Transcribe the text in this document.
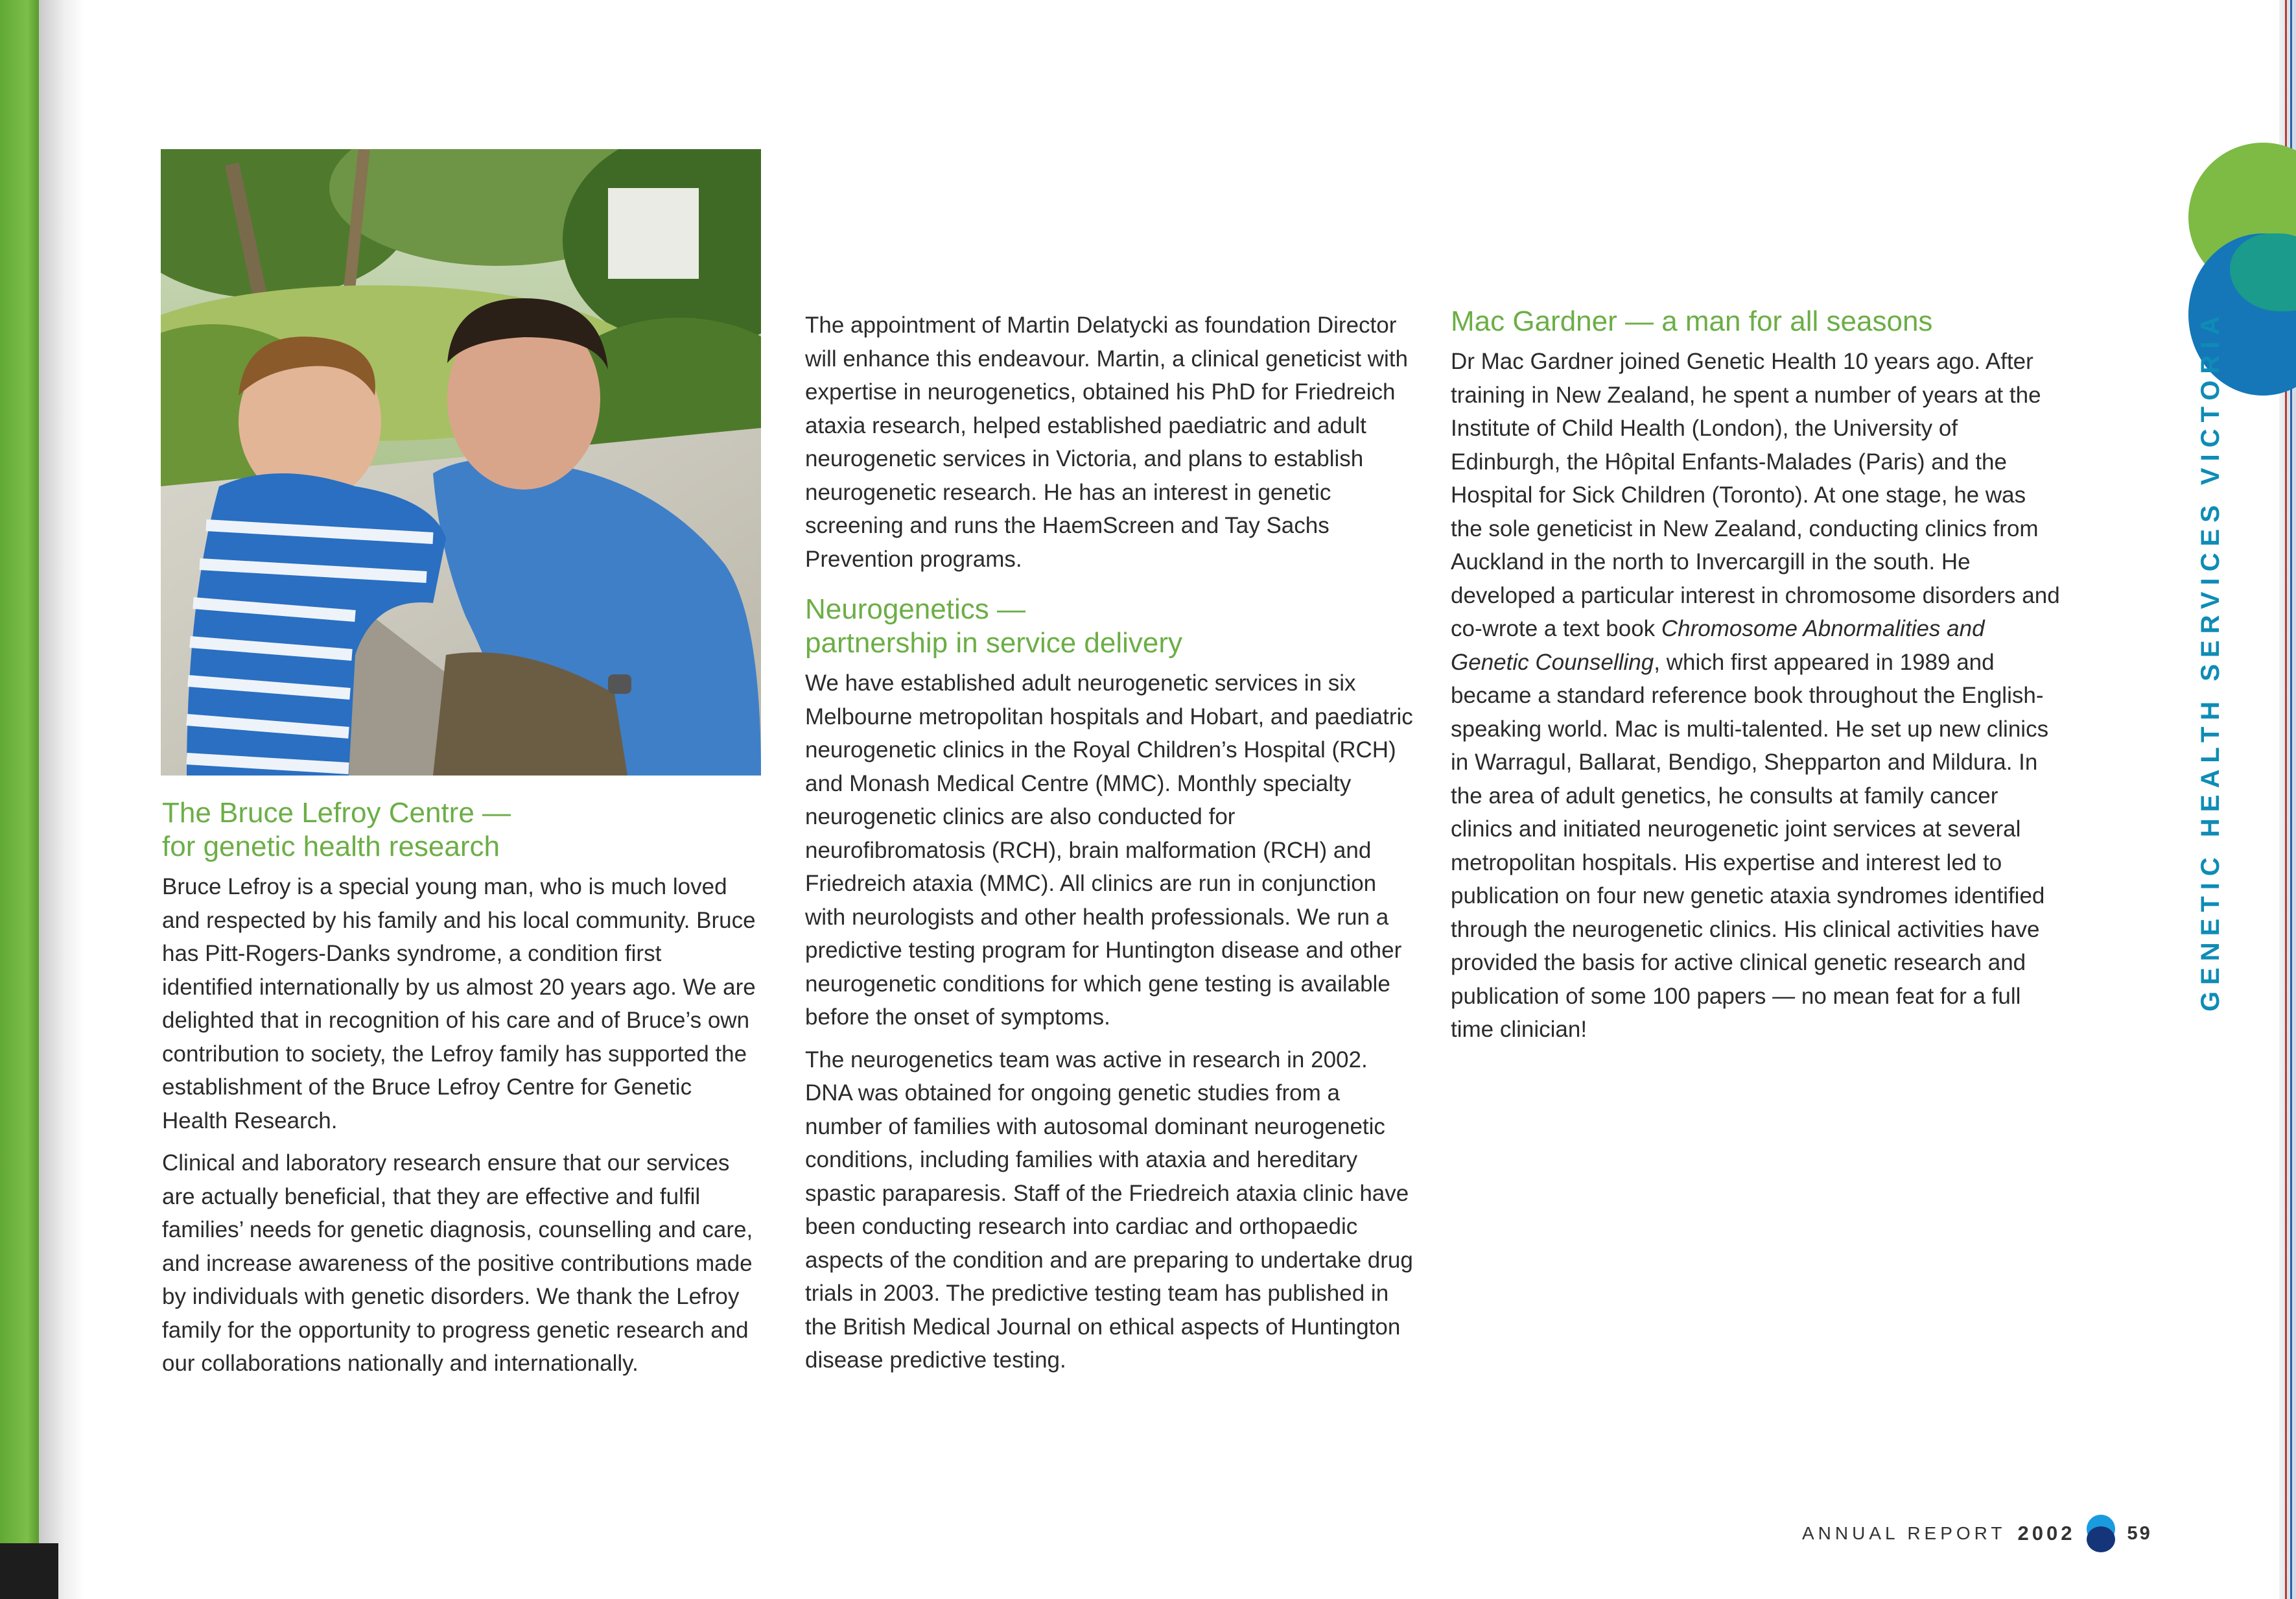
The Bruce Lefroy Centre —
for genetic health research

Bruce Lefroy is a special young man, who is much loved and respected by his family and his local community. Bruce has Pitt-Rogers-Danks syndrome, a condition first identified internationally by us almost 20 years ago. We are delighted that in recognition of his care and of Bruce’s own contribution to society, the Lefroy family has supported the establishment of the Bruce Lefroy Centre for Genetic Health Research.

Clinical and laboratory research ensure that our services are actually beneficial, that they are effective and fulfil families’ needs for genetic diagnosis, counselling and care, and increase awareness of the positive contributions made by individuals with genetic disorders. We thank the Lefroy family for the opportunity to progress genetic research and our collaborations nationally and internationally.

The appointment of Martin Delatycki as foundation Director will enhance this endeavour. Martin, a clinical geneticist with expertise in neurogenetics, obtained his PhD for Friedreich ataxia research, helped established paediatric and adult neurogenetic services in Victoria, and plans to establish neurogenetic research. He has an interest in genetic screening and runs the HaemScreen and Tay Sachs Prevention programs.

Neurogenetics —
partnership in service delivery

We have established adult neurogenetic services in six Melbourne metropolitan hospitals and Hobart, and paediatric neurogenetic clinics in the Royal Children’s Hospital (RCH) and Monash Medical Centre (MMC). Monthly specialty neurogenetic clinics are also conducted for neurofibromatosis (RCH), brain malformation (RCH) and Friedreich ataxia (MMC). All clinics are run in conjunction with neurologists and other health professionals. We run a predictive testing program for Huntington disease and other neurogenetic conditions for which gene testing is available before the onset of symptoms.

The neurogenetics team was active in research in 2002. DNA was obtained for ongoing genetic studies from a number of families with autosomal dominant neurogenetic conditions, including families with ataxia and hereditary spastic paraparesis. Staff of the Friedreich ataxia clinic have been conducting research into cardiac and orthopaedic aspects of the condition and are preparing to undertake drug trials in 2003. The predictive testing team has published in the British Medical Journal on ethical aspects of Huntington disease predictive testing.

Mac Gardner — a man for all seasons

Dr Mac Gardner joined Genetic Health 10 years ago. After training in New Zealand, he spent a number of years at the Institute of Child Health (London), the University of Edinburgh, the Hôpital Enfants-Malades (Paris) and the Hospital for Sick Children (Toronto). At one stage, he was the sole geneticist in New Zealand, conducting clinics from Auckland in the north to Invercargill in the south. He developed a particular interest in chromosome disorders and co-wrote a text book Chromosome Abnormalities and Genetic Counselling, which first appeared in 1989 and became a standard reference book throughout the English-speaking world. Mac is multi-talented. He set up new clinics in Warragul, Ballarat, Bendigo, Shepparton and Mildura. In the area of adult genetics, he consults at family cancer clinics and initiated neurogenetic joint services at several metropolitan hospitals. His expertise and interest led to publication on four new genetic ataxia syndromes identified through the neurogenetic clinics. His clinical activities have provided the basis for active clinical genetic research and publication of some 100 papers — no mean feat for a full time clinician!

GENETIC HEALTH SERVICES VICTORIA
ANNUAL REPORT 2002	59
